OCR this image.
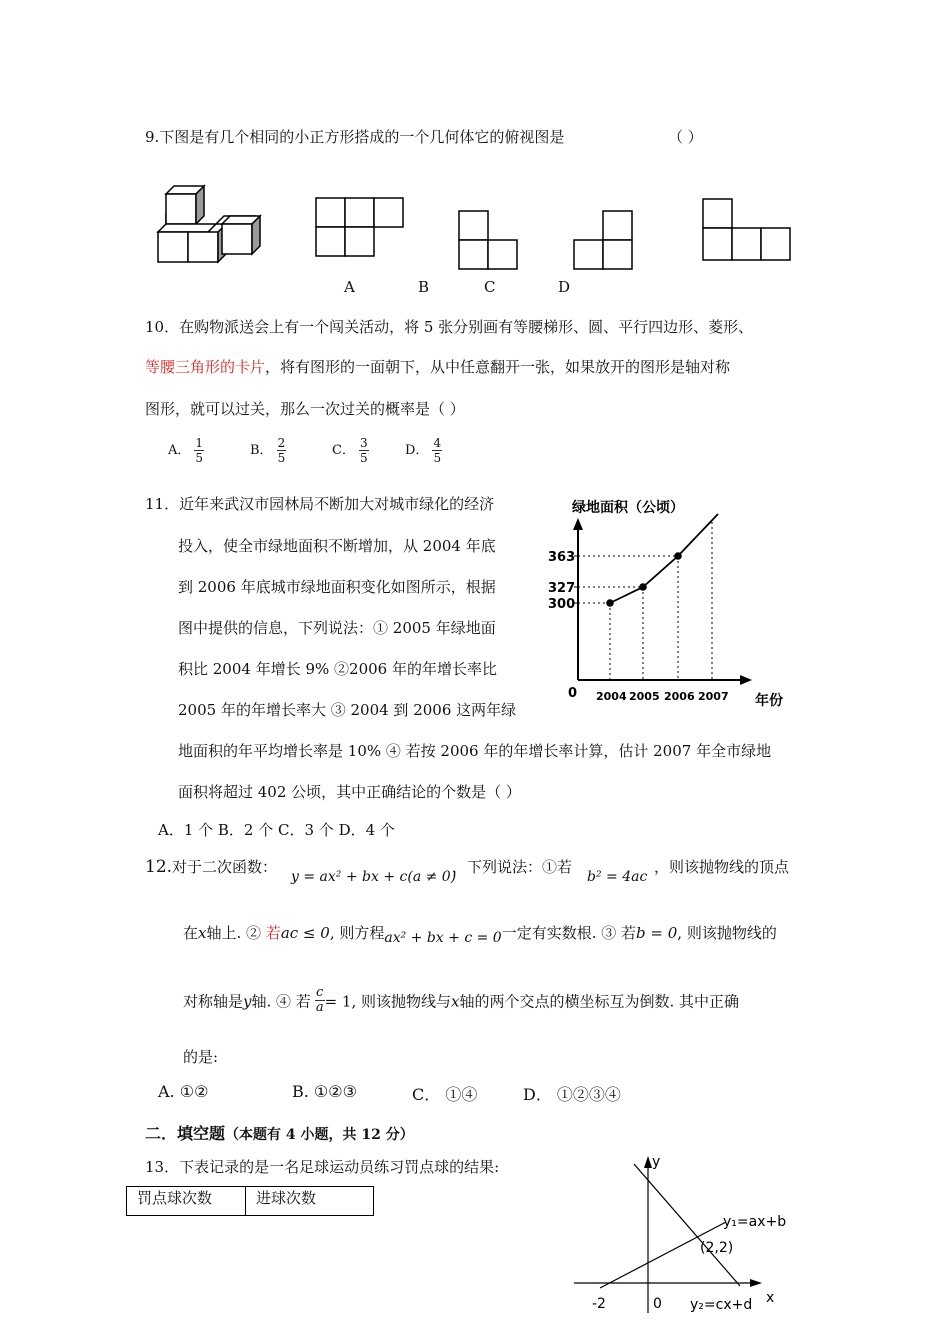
9.下图是有几个相同的小正方形搭成的一个几何体它的俯视图是	（ ）
A	B	C	D
10．在购物派送会上有一个闯关活动，将 5 张分别画有等腰梯形、圆、平行四边形、菱形、
等腰三角形的卡片，将有图形的一面朝下，从中任意翻开一张，如果放开的图形是轴对称
图形，就可以过关，那么一次过关的概率是（ ）
A． $\frac{1}{5}$	B． $\frac{2}{5}$	C． $\frac{3}{5}$	D． $\frac{4}{5}$
11．近年来武汉市园林局不断加大对城市绿化的经济
投入，使全市绿地面积不断增加，从 2004 年底
到 2006 年底城市绿地面积变化如图所示，根据
图中提供的信息，下列说法：① 2005 年绿地面
积比 2004 年增长 9% ②2006 年的年增长率比
2005 年的年增长率大 ③ 2004 到 2006 这两年绿
地面积的年平均增长率是 10% ④ 若按 2006 年的年增长率计算，估计 2007 年全市绿地
面积将超过 402 公顷，其中正确结论的个数是（ ）
A．1 个 B．2 个 C．3 个 D．4 个
绿地面积（公顷）
0	年份
300
327
363
2004 2005 2006 2007
12.对于二次函数：
y = ax² + bx + c(a ≠ 0)
，下列说法：①若
b² = 4ac
，则该抛物线的顶点
在x轴上. ② 若ac ≤ 0, 则方程ax² + bx + c = 0一定有实数根. ③ 若b = 0, 则该抛物线的
对称轴是y轴. ④ 若 $\frac{c}{a} = 1$, 则该抛物线与x轴的两个交点的横坐标互为倒数. 其中正确
的是:
A. ①②	B. ①②③	C． ①④	D． ①②③④
二．填空题（本题有 4 小题，共 12 分）
13．下表记录的是一名足球运动员练习罚点球的结果:
罚点球次数	进球次数
y
x
y₁=ax+b
(2,2)
-2	0 y₂=cx+d
